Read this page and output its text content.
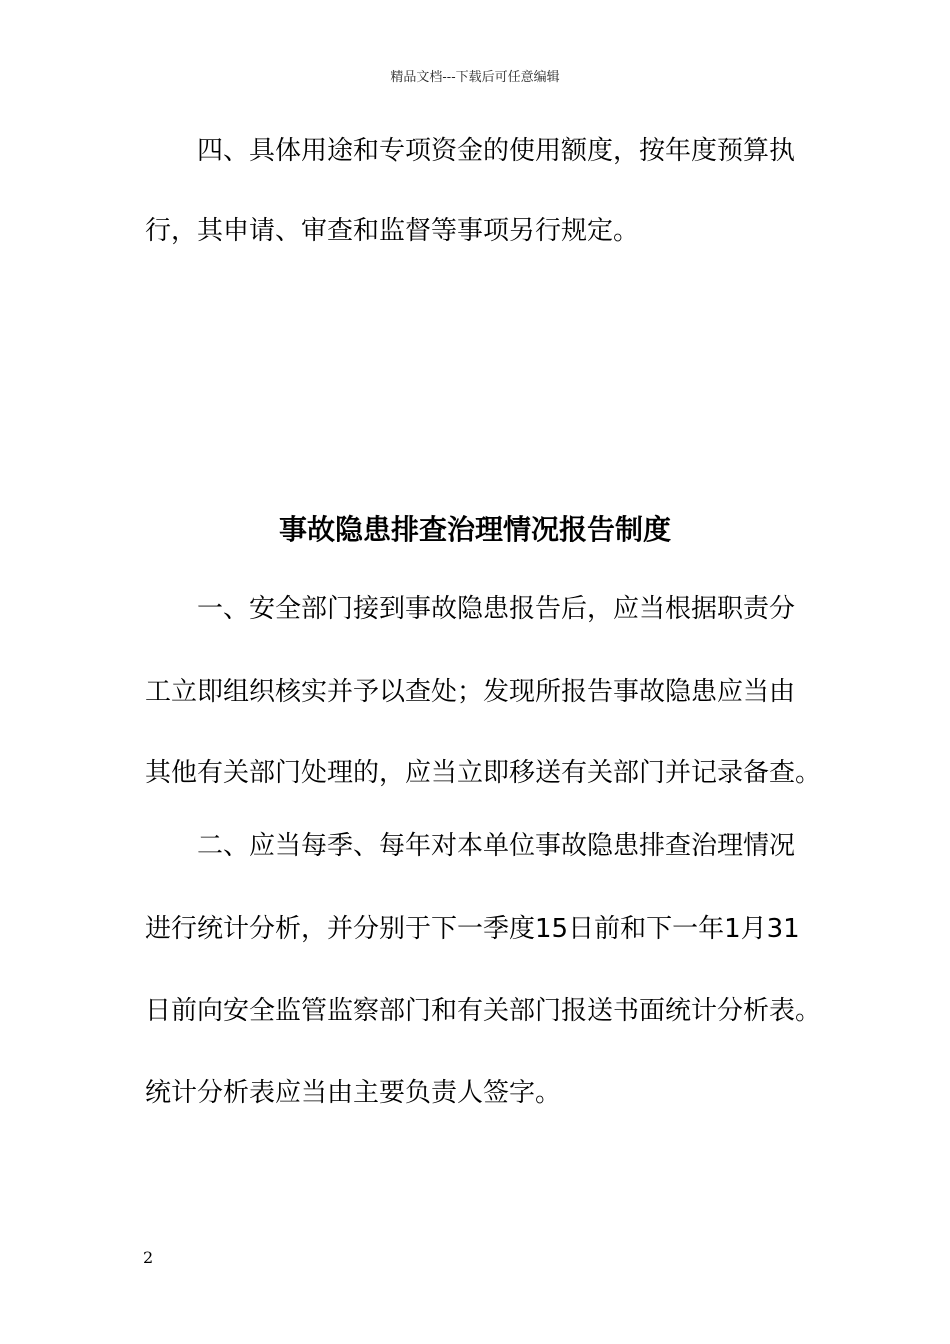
精品文档---下载后可任意编辑
四、具体用途和专项资金的使用额度，按年度预算执
行，其申请、审查和监督等事项另行规定。
事故隐患排查治理情况报告制度
一、安全部门接到事故隐患报告后，应当根据职责分
工立即组织核实并予以查处；发现所报告事故隐患应当由
其他有关部门处理的，应当立即移送有关部门并记录备查。
二、应当每季、每年对本单位事故隐患排查治理情况
进行统计分析，并分别于下一季度15日前和下一年1月31
日前向安全监管监察部门和有关部门报送书面统计分析表。
统计分析表应当由主要负责人签字。
2
